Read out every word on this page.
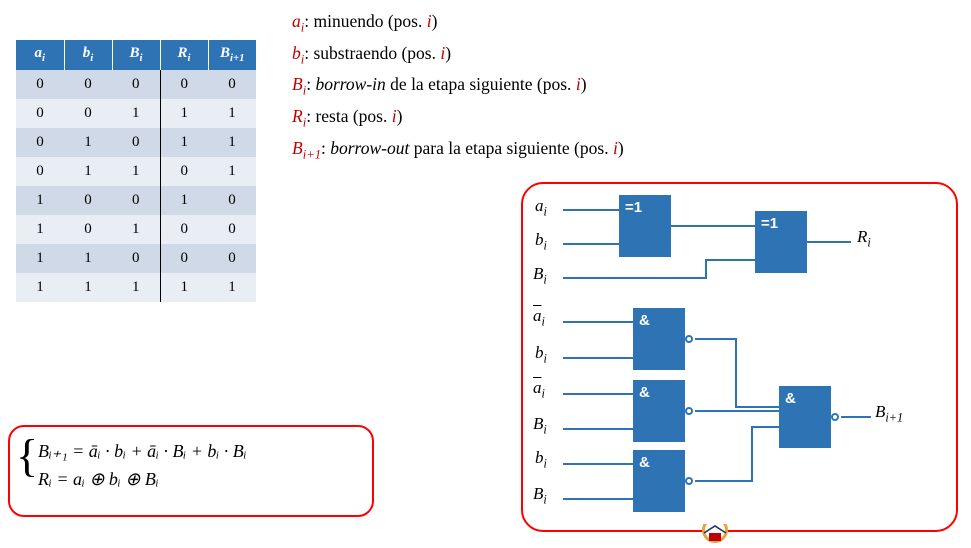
$a_i$	$b_i$	$B_i$	$R_i$	$B_{i+1}$
0	0	0	0	0
0	0	1	1	1
0	1	0	1	1
0	1	1	0	1
1	0	0	1	0
1	0	1	0	0
1	1	0	0	0
1	1	1	1	1
$a_i$: minuendo (pos. i)
$b_i$: substraendo (pos. i)
$B_i$: borrow-in de la etapa siguiente (pos. i)
$R_i$: resta (pos. i)
$B_{i+1}$: borrow-out para la etapa siguiente (pos. i)
{ Bᵢ₊₁ = āᵢ · bᵢ + āᵢ · Bᵢ + bᵢ · Bᵢ
Rᵢ = aᵢ ⊕ bᵢ ⊕ Bᵢ
$a_i$
$b_i$
$B_i$
=1
=1
$R_i$
$\overline{a}_i$
$b_i$
&
$\overline{a}_i$
$B_i$
&
$b_i$
$B_i$
&
&
$B_{i+1}$
